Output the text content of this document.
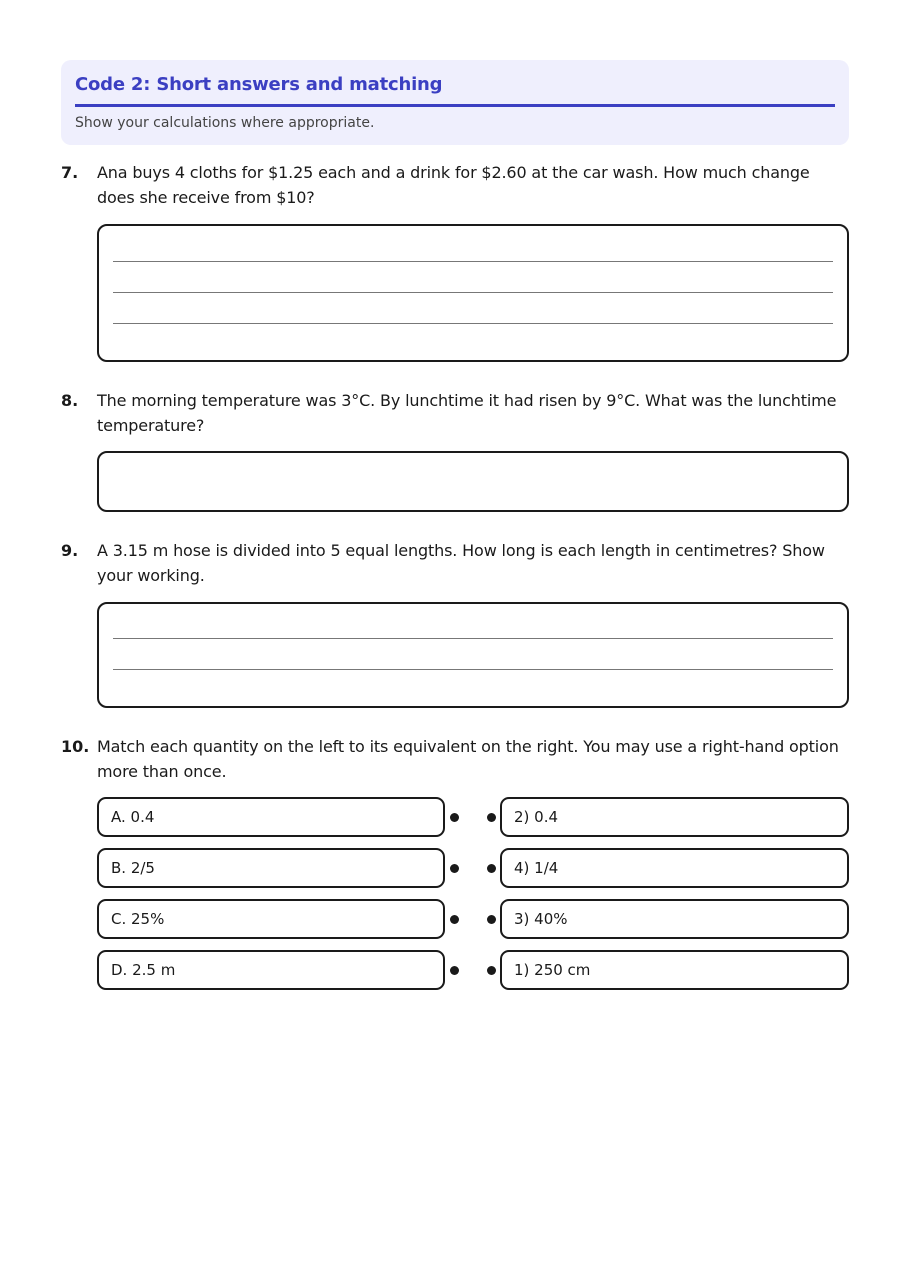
Code 2: Short answers and matching
Show your calculations where appropriate.
7. Ana buys 4 cloths for $1.25 each and a drink for $2.60 at the car wash. How much change does she receive from $10?
8. The morning temperature was 3°C. By lunchtime it had risen by 9°C. What was the lunchtime temperature?
9. A 3.15 m hose is divided into 5 equal lengths. How long is each length in centimetres? Show your working.
10. Match each quantity on the left to its equivalent on the right. You may use a right-hand option more than once.
A. 0.4	2) 0.4
B. 2/5	4) 1/4
C. 25%	3) 40%
D. 2.5 m	1) 250 cm
